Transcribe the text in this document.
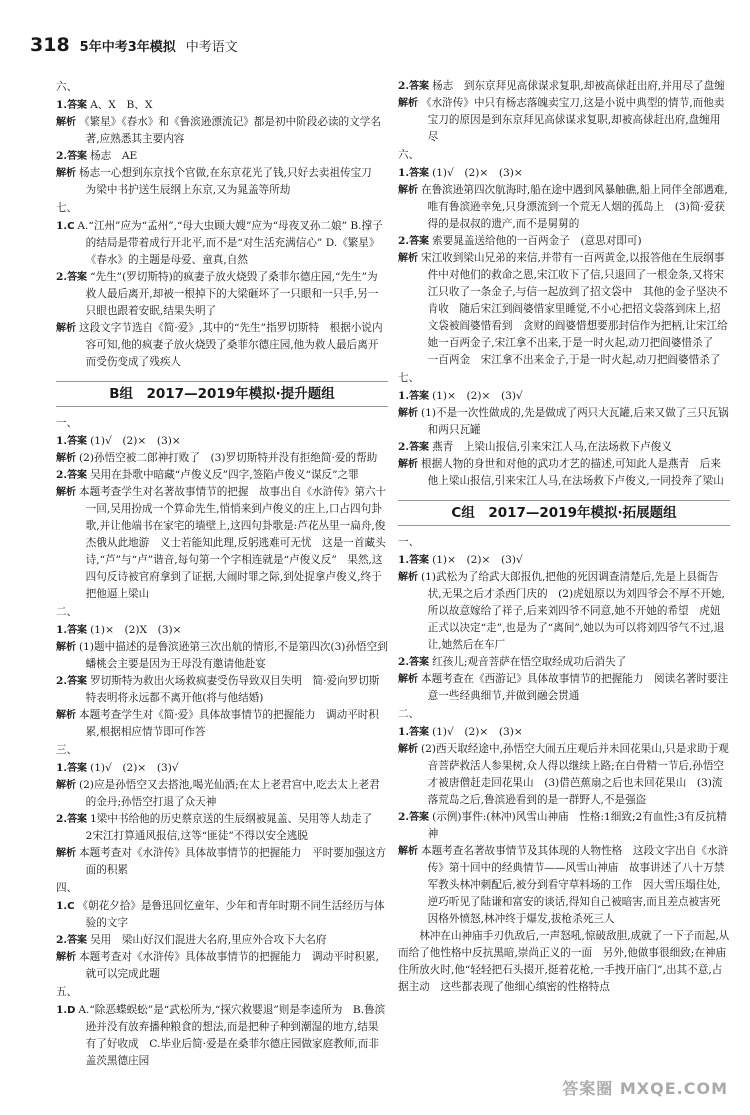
318 5年中考3年模拟 中考语文
六、

1.答案 A、X　B、X

解析 《繁星》《春水》和《鲁滨逊漂流记》都是初中阶段必读的文学名著,应熟悉其主要内容

2.答案 杨志　AE

解析 杨志一心想到东京找个官做,在东京花光了钱,只好去卖祖传宝刀　为梁中书护送生辰纲上东京,又为晁盖等所劫

七、

1.C A.“江州”应为“孟州”,“母大虫顾大嫂”应为“母夜叉孙二娘” B.撑子的结局是带着成行开北平,而不是“对生活充满信心” D.《繁星》《春水》的主题是母爱、童真,自然

2.答案 “先生”(罗切斯特)的疯妻子放火烧毁了桑菲尔德庄园,“先生”为救人最后离开,却被一根掉下的大梁砸坏了一只眼和一只手,另一只眼也跟着安眠,结果失明了

解析 这段文字节选自《简·爱》,其中的“先生”指罗切斯特　根据小说内容可知,他的疯妻子放火烧毁了桑菲尔德庄园,他为救人最后离开而受伤变成了残疾人

B组　2017—2019年模拟·提升题组
一、

1.答案 (1)√　(2)×　(3)×

解析 (2)孙悟空被二郎神打败了　(3)罗切斯特并没有拒绝简·爱的帮助

2.答案 吴用在卦歌中暗藏“卢俊义反”四字,签陷卢俊义“谋反”之罪

解析 本题考查学生对名著故事情节的把握　故事出自《水浒传》第六十一回,吴用扮成一个算命先生,悄悄来到卢俊义的庄上,口占四句卦歌,并让他端书在家宅的墙壁上,这四句卦歌是:芦花丛里一扁舟,俊杰俄从此地游　义士若能知此理,反躬逃难可无忧　这是一首藏头诗,“芦”与“卢”谐音,每句第一个字相连就是“卢俊义反”　果然,这四句反诗被官府拿到了证据,大闹时罪之际,到处捉拿卢俊义,终于把他逼上梁山

二、

1.答案 (1)×　(2)X　(3)×

解析 (1)题中描述的是鲁滨逊第三次出航的情形,不是第四次(3)孙悟空到蟠桃会主要是因为王母没有邀请他赴宴

2.答案 罗切斯特为救出火场救疯妻受伤导致双目失明　简·爱向罗切斯特表明将永远都不离开他(将与他结婚)

解析 本题考查学生对《简·爱》具体故事情节的把握能力　调动平时积累,根据相应情节即可作答

三、

1.答案 (1)√　(2)×　(3)√

解析 (2)应是孙悟空又去搭池,喝光仙酒;在太上老君宫中,吃去太上老君的金丹;孙悟空打退了众天神

2.答案 1梁中书给他的历史蔡京送的生辰纲被晁盖、吴用等人劫走了　2宋江打算通风报信,这等“匪徒”不得以安全逃脱

解析 本题考查对《水浒传》具体故事情节的把握能力　平时要加强这方面的积累

四、

1.C 《朝花夕拾》是鲁迅回忆童年、少年和青年时期不同生活经历与体验的文字

2.答案 吴用　梁山好汉们混进大名府,里应外合攻下大名府

解析 本题考查对《水浒传》具体故事情节的把握能力　调动平时积累,就可以完成此题

五、

1.D A.“除恶蝶蜈蚣”是“武松所为,“探穴救婴退”则是李逵所为　B.鲁滨逊并没有放弃播种粮食的想法,而是把种子种到潮湿的地方,结果有了好收成　C.毕业后简·爱是在桑菲尔德庄园做家庭教师,而非盖茨黑德庄园

2.答案 杨志　到东京拜见高俅谋求复职,却被高俅赶出府,并用尽了盘缠

解析 《水浒传》中只有杨志落魄卖宝刀,这是小说中典型的情节,而他卖宝刀的原因是到东京拜见高俅谋求复职,却被高俅赶出府,盘缠用尽

六、

1.答案 (1)√　(2)×　(3)×

解析 在鲁滨逊第四次航海时,船在途中遇到风暴触礁,船上同伴全部遇难,唯有鲁滨逊幸免,只身漂流到一个荒无人烟的孤岛上　(3)简·爱获得的是叔叔的遗产,而不是舅舅的

2.答案 索要晁盖送给他的一百两金子　(意思对即可)

解析 宋江收到梁山兄弟的来信,并带有一百两黄金,以报答他在生辰纲事件中对他们的救命之恩,宋江收下了信,只退回了一根金条,又将宋江只收了一条金子,与信一起放到了招文袋中　其他的金子坚决不肯收　随后宋江到阎婆惜家里睡觉,不小心把招文袋落到床上,招文袋被阎婆惜看到　贪财的阎婆惜想要那封信作为把柄,让宋江给她一百两金子,宋江拿不出来,于是一时火起,动刀把阎婆惜杀了　一百两金　宋江拿不出来金子,于是一时火起,动刀把阎婆惜杀了

七、

1.答案 (1)×　(2)×　(3)√

解析 (1)不是一次性做成的,先是做成了两只大瓦罐,后来又做了三只瓦锅和两只瓦罐

2.答案 燕青　上梁山报信,引来宋江人马,在法场救下卢俊义

解析 根据人物的身世和对他的武功才艺的描述,可知此人是燕青　后来他上梁山报信,引来宋江人马,在法场救下卢俊义,一同投奔了梁山

C组　2017—2019年模拟·拓展题组
一、

1.答案 (1)×　(2)×　(3)√

解析 (1)武松为了给武大郎报仇,把他的死因调查清楚后,先是上县衙告状,无果之后才杀西门庆的　(2)虎妞原以为刘四爷会不厚不开她,所以故意嫁给了祥子,后来刘四爷不同意,她不开她的希望　虎妞正式以决定“走”,也是为了“离间”,她以为可以将刘四爷气不过,退让,她然后在车厂

2.答案 红孩儿;观音菩萨在悟空取经成功后消失了

解析 本题考查在《西游记》具体故事情节的把握能力　阅读名著时要注意一些经典细节,并做到融会贯通

二、

1.答案 (1)√　(2)×　(3)×

解析 (2)西天取经途中,孙悟空大闹五庄观后并未回花果山,只是求助于观音菩萨救活人参果树,众人得以继续上路;在白骨精一节后,孙悟空才被唐僧赶走回花果山　(3)借芭蕉扇之后也未回花果山　(3)流落荒岛之后,鲁滨逊看到的是一群野人,不是强盗

2.答案 (示例)事件:(林冲)风雪山神庙　性格:1细致;2有血性;3有反抗精神

解析 本题考查名著故事情节及其体现的人物性格　这段文字出自《水浒传》第十回中的经典情节——风雪山神庙　故事讲述了八十万禁军教头林冲刺配后,被分到看守草料场的工作　因大雪压塌住处,逆巧听见了陆谦和富安的谈话,得知自己被暗害,而且差点被害死　因格外愤怒,林冲终于爆发,拔枪杀死三人

林冲在山神庙手刃仇敌后,一声怒吼,惊破敌胆,成就了一下子而起,从而给了他性格中反抗黑暗,崇尚正义的一面　另外,他做事很细致;在神庙住所放火时,他“轻轻把石头掇开,挺着花枪,一手拽开庙门”,出其不意,占据主动　这些都表现了他细心缜密的性格特点

答案圈 MXQE.COM
